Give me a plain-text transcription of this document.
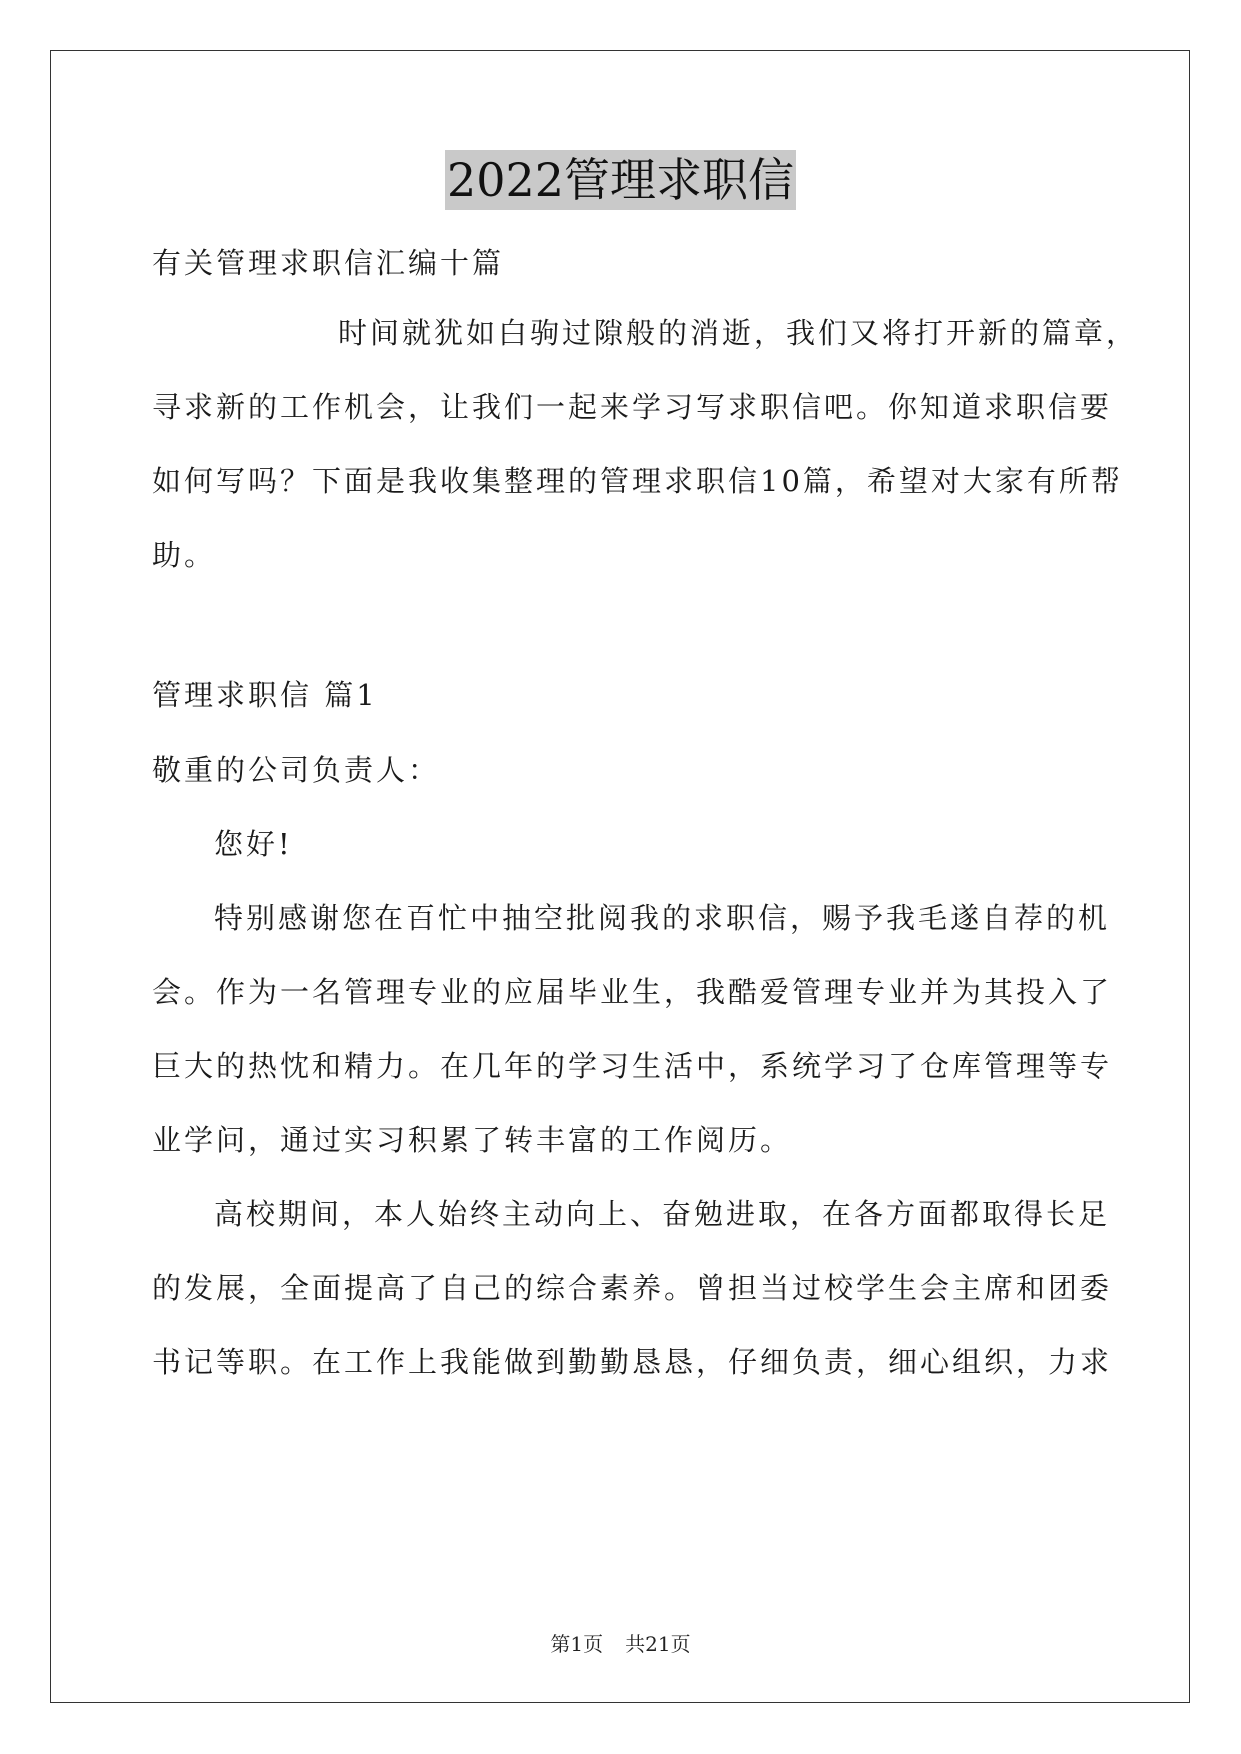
2022管理求职信
有关管理求职信汇编十篇
时间就犹如白驹过隙般的消逝，我们又将打开新的篇章，
寻求新的工作机会，让我们一起来学习写求职信吧。你知道求职信要
如何写吗？下面是我收集整理的管理求职信10篇，希望对大家有所帮
助。
管理求职信 篇1
敬重的公司负责人：
您好!
特别感谢您在百忙中抽空批阅我的求职信，赐予我毛遂自荐的机
会。作为一名管理专业的应届毕业生，我酷爱管理专业并为其投入了
巨大的热忱和精力。在几年的学习生活中，系统学习了仓库管理等专
业学问，通过实习积累了转丰富的工作阅历。
高校期间，本人始终主动向上、奋勉进取，在各方面都取得长足
的发展，全面提高了自己的综合素养。曾担当过校学生会主席和团委
书记等职。在工作上我能做到勤勤恳恳，仔细负责，细心组织，力求
第1页 共21页
